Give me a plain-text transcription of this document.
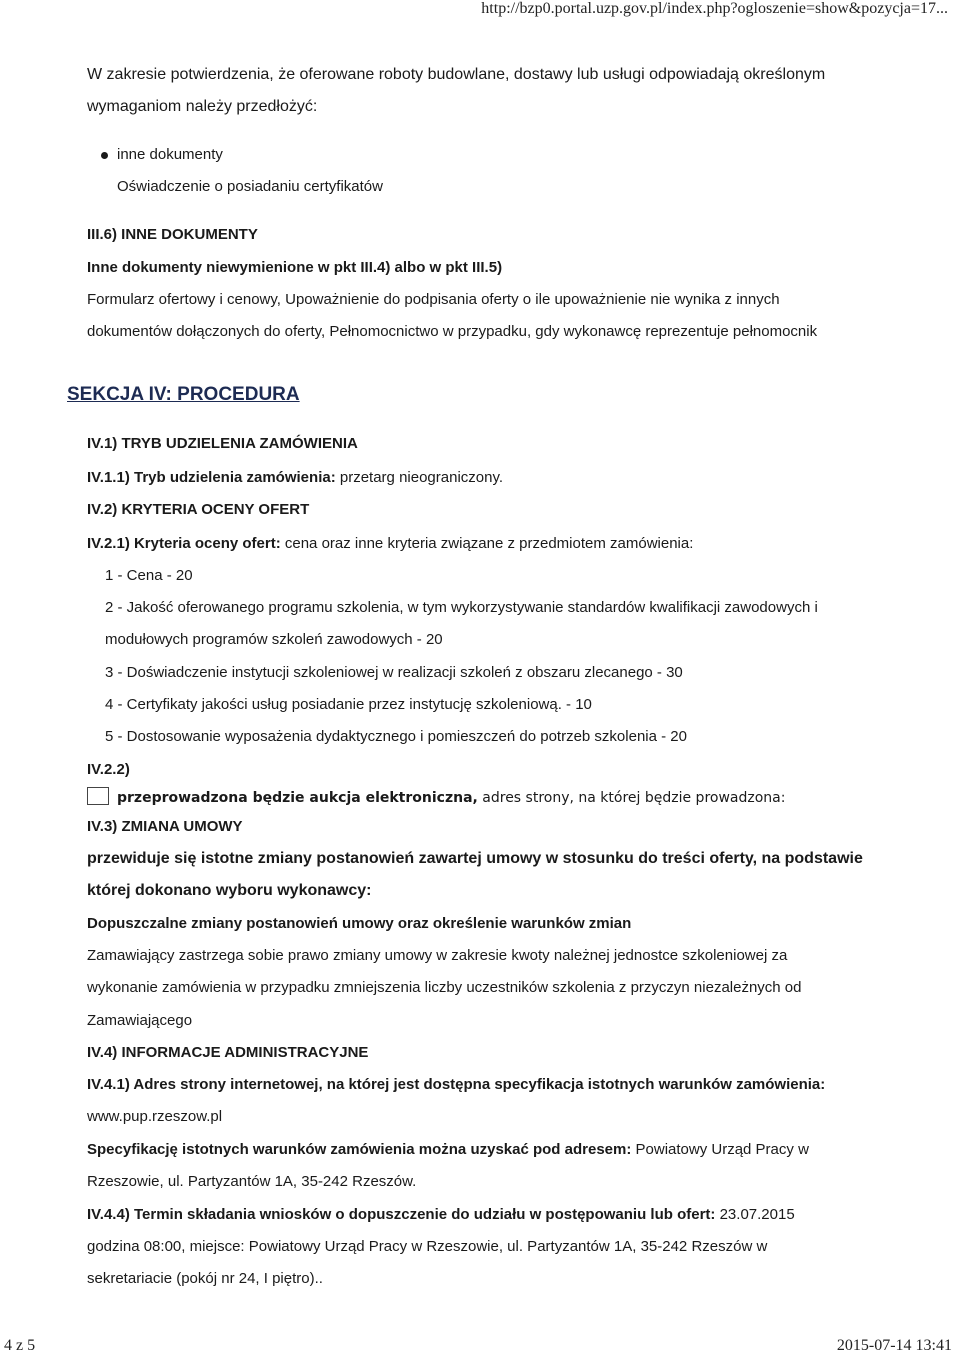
http://bzp0.portal.uzp.gov.pl/index.php?ogloszenie=show&pozycja=17...
W zakresie potwierdzenia, że oferowane roboty budowlane, dostawy lub usługi odpowiadają określonym
wymaganiom należy przedłożyć:
inne dokumenty
Oświadczenie o posiadaniu certyfikatów
III.6) INNE DOKUMENTY
Inne dokumenty niewymienione w pkt III.4) albo w pkt III.5)
Formularz ofertowy i cenowy, Upoważnienie do podpisania oferty o ile upoważnienie nie wynika z innych
dokumentów dołączonych do oferty, Pełnomocnictwo w przypadku, gdy wykonawcę reprezentuje pełnomocnik
SEKCJA IV: PROCEDURA
IV.1) TRYB UDZIELENIA ZAMÓWIENIA
IV.1.1) Tryb udzielenia zamówienia: przetarg nieograniczony.
IV.2) KRYTERIA OCENY OFERT
IV.2.1) Kryteria oceny ofert: cena oraz inne kryteria związane z przedmiotem zamówienia:
1 - Cena - 20
2 - Jakość oferowanego programu szkolenia, w tym wykorzystywanie standardów kwalifikacji zawodowych i
modułowych programów szkoleń zawodowych - 20
3 - Doświadczenie instytucji szkoleniowej w realizacji szkoleń z obszaru zlecanego - 30
4 - Certyfikaty jakości usług posiadanie przez instytucję szkoleniową. - 10
5 - Dostosowanie wyposażenia dydaktycznego i pomieszczeń do potrzeb szkolenia - 20
IV.2.2)
przeprowadzona będzie aukcja elektroniczna, adres strony, na której będzie prowadzona:
IV.3) ZMIANA UMOWY
przewiduje się istotne zmiany postanowień zawartej umowy w stosunku do treści oferty, na podstawie
której dokonano wyboru wykonawcy:
Dopuszczalne zmiany postanowień umowy oraz określenie warunków zmian
Zamawiający zastrzega sobie prawo zmiany umowy w zakresie kwoty należnej jednostce szkoleniowej za
wykonanie zamówienia w przypadku zmniejszenia liczby uczestników szkolenia z przyczyn niezależnych od
Zamawiającego
IV.4) INFORMACJE ADMINISTRACYJNE
IV.4.1) Adres strony internetowej, na której jest dostępna specyfikacja istotnych warunków zamówienia:
www.pup.rzeszow.pl
Specyfikację istotnych warunków zamówienia można uzyskać pod adresem: Powiatowy Urząd Pracy w
Rzeszowie, ul. Partyzantów 1A, 35-242 Rzeszów.
IV.4.4) Termin składania wniosków o dopuszczenie do udziału w postępowaniu lub ofert: 23.07.2015
godzina 08:00, miejsce: Powiatowy Urząd Pracy w Rzeszowie, ul. Partyzantów 1A, 35-242 Rzeszów w
sekretariacie (pokój nr 24, I piętro)..
4 z 5	2015-07-14 13:41
